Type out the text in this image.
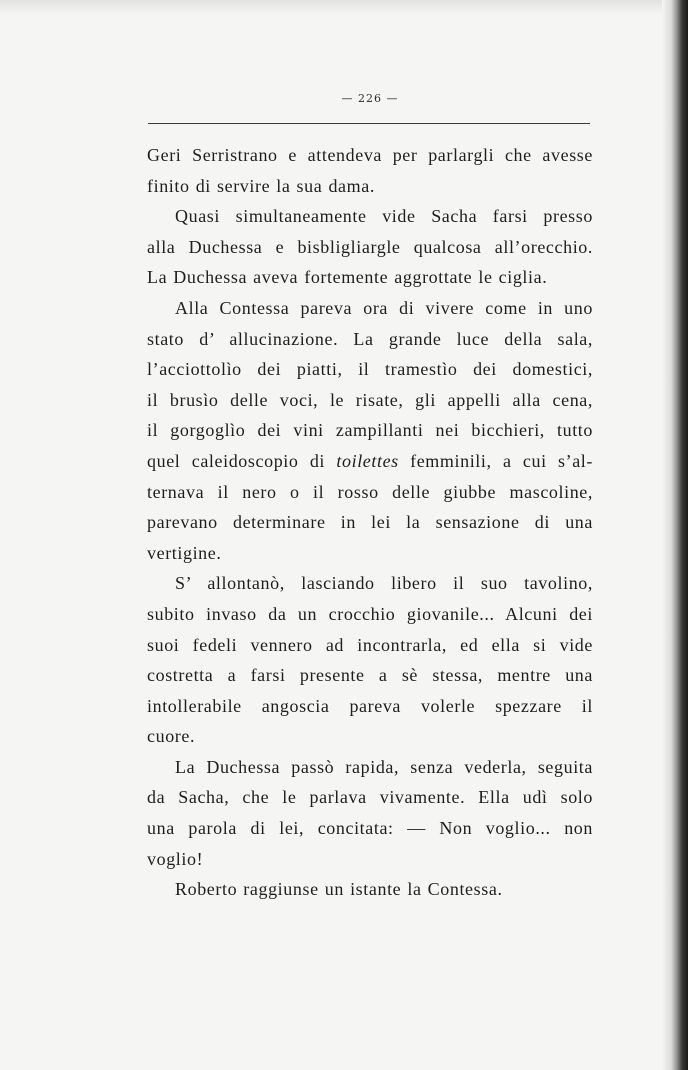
— 226 —
Geri Serristrano e attendeva per parlargli che avesse
finito di servire la sua dama.
Quasi simultaneamente vide Sacha farsi presso
alla Duchessa e bisbligliargle qualcosa all’orecchio.
La Duchessa aveva fortemente aggrottate le ciglia.
Alla Contessa pareva ora di vivere come in uno
stato d’ allucinazione. La grande luce della sala,
l’acciottolìo dei piatti, il tramestìo dei domestici,
il brusìo delle voci, le risate, gli appelli alla cena,
il gorgoglìo dei vini zampillanti nei bicchieri, tutto
quel caleidoscopio di toilettes femminili, a cui s’al-
ternava il nero o il rosso delle giubbe mascoline,
parevano determinare in lei la sensazione di una
vertigine.
S’ allontanò, lasciando libero il suo tavolino,
subito invaso da un crocchio giovanile... Alcuni dei
suoi fedeli vennero ad incontrarla, ed ella si vide
costretta a farsi presente a sè stessa, mentre una
intollerabile angoscia pareva volerle spezzare il
cuore.
La Duchessa passò rapida, senza vederla, seguita
da Sacha, che le parlava vivamente. Ella udì solo
una parola di lei, concitata: — Non voglio... non
voglio!
Roberto raggiunse un istante la Contessa.
